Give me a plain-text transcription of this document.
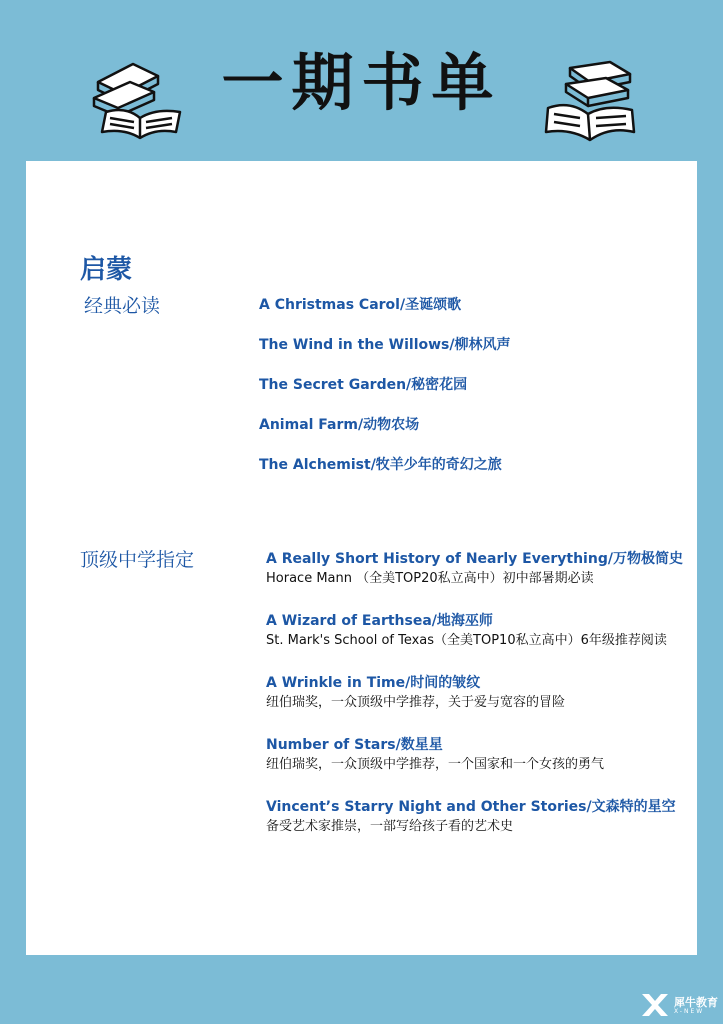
一期书单
启蒙
经典必读	A Christmas Carol/圣诞颂歌
The Wind in the Willows/柳林风声
The Secret Garden/秘密花园
Animal Farm/动物农场
The Alchemist/牧羊少年的奇幻之旅
顶级中学指定	A Really Short History of Nearly Everything/万物极简史
Horace Mann （全美TOP20私立高中）初中部暑期必读
A Wizard of Earthsea/地海巫师
St. Mark's School of Texas（全美TOP10私立高中）6年级推荐阅读
A Wrinkle in Time/时间的皱纹
纽伯瑞奖，一众顶级中学推荐，关于爱与宽容的冒险
Number of Stars/数星星
纽伯瑞奖，一众顶级中学推荐，一个国家和一个女孩的勇气
Vincent’s Starry Night and Other Stories/文森特的星空
备受艺术家推崇，一部写给孩子看的艺术史
犀牛教育
X-NEW
